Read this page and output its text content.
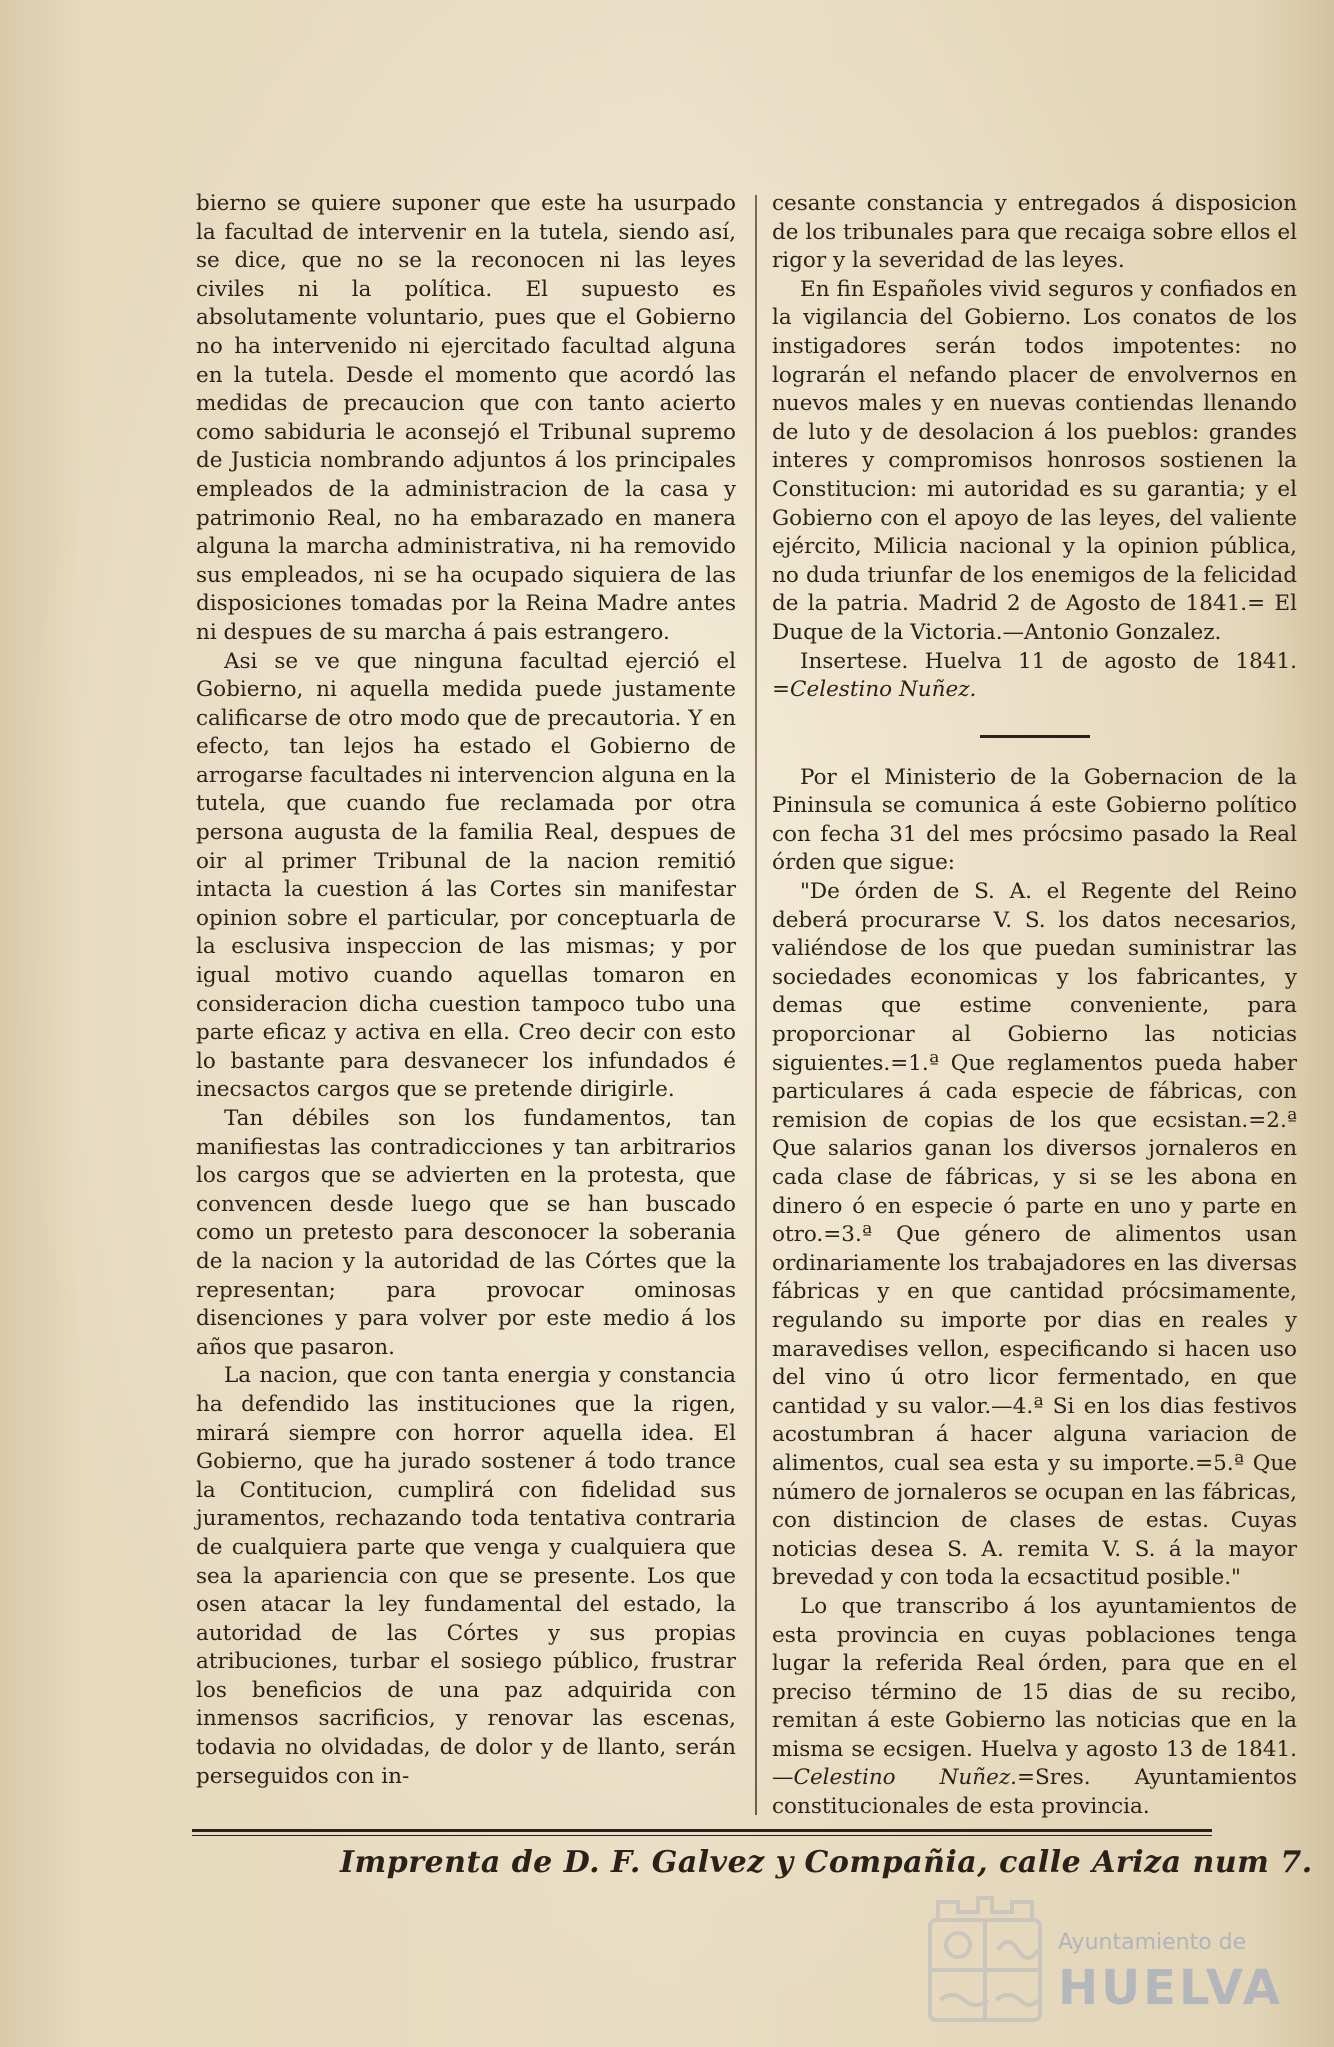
bierno se quiere suponer que este ha usurpado la facultad de intervenir en la tutela, siendo así, se dice, que no se la reconocen ni las leyes civiles ni la política. El supuesto es absolutamente voluntario, pues que el Gobierno no ha intervenido ni ejercitado facultad alguna en la tutela. Desde el momento que acordó las medidas de precaucion que con tanto acierto como sabiduria le aconsejó el Tribunal supremo de Justicia nombrando adjuntos á los principales empleados de la administracion de la casa y patrimonio Real, no ha embarazado en manera alguna la marcha administrativa, ni ha removido sus empleados, ni se ha ocupado siquiera de las disposiciones tomadas por la Reina Madre antes ni despues de su marcha á pais estrangero.

Asi se ve que ninguna facultad ejerció el Gobierno, ni aquella medida puede justamente calificarse de otro modo que de precautoria. Y en efecto, tan lejos ha estado el Gobierno de arrogarse facultades ni intervencion alguna en la tutela, que cuando fue reclamada por otra persona augusta de la familia Real, despues de oir al primer Tribunal de la nacion remitió intacta la cuestion á las Cortes sin manifestar opinion sobre el particular, por conceptuarla de la esclusiva inspeccion de las mismas; y por igual motivo cuando aquellas tomaron en consideracion dicha cuestion tampoco tubo una parte eficaz y activa en ella. Creo decir con esto lo bastante para desvanecer los infundados é inecsactos cargos que se pretende dirigirle.

Tan débiles son los fundamentos, tan manifiestas las contradicciones y tan arbitrarios los cargos que se advierten en la protesta, que convencen desde luego que se han buscado como un pretesto para desconocer la soberania de la nacion y la autoridad de las Córtes que la representan; para provocar ominosas disenciones y para volver por este medio á los años que pasaron.

La nacion, que con tanta energia y constancia ha defendido las instituciones que la rigen, mirará siempre con horror aquella idea. El Gobierno, que ha jurado sostener á todo trance la Contitucion, cumplirá con fidelidad sus juramentos, rechazando toda tentativa contraria de cualquiera parte que venga y cualquiera que sea la apariencia con que se presente. Los que osen atacar la ley fundamental del estado, la autoridad de las Córtes y sus propias atribuciones, turbar el sosiego público, frustrar los beneficios de una paz adquirida con inmensos sacrificios, y renovar las escenas, todavia no olvidadas, de dolor y de llanto, serán perseguidos con in-

cesante constancia y entregados á disposicion de los tribunales para que recaiga sobre ellos el rigor y la severidad de las leyes.

En fin Españoles vivid seguros y confiados en la vigilancia del Gobierno. Los conatos de los instigadores serán todos impotentes: no lograrán el nefando placer de envolvernos en nuevos males y en nuevas contiendas llenando de luto y de desolacion á los pueblos: grandes interes y compromisos honrosos sostienen la Constitucion: mi autoridad es su garantia; y el Gobierno con el apoyo de las leyes, del valiente ejército, Milicia nacional y la opinion pública, no duda triunfar de los enemigos de la felicidad de la patria. Madrid 2 de Agosto de 1841.= El Duque de la Victoria.—Antonio Gonzalez.

Insertese. Huelva 11 de agosto de 1841. =Celestino Nuñez.

Por el Ministerio de la Gobernacion de la Pininsula se comunica á este Gobierno político con fecha 31 del mes prócsimo pasado la Real órden que sigue:

"De órden de S. A. el Regente del Reino deberá procurarse V. S. los datos necesarios, valiéndose de los que puedan suministrar las sociedades economicas y los fabricantes, y demas que estime conveniente, para proporcionar al Gobierno las noticias siguientes.=1.ª Que reglamentos pueda haber particulares á cada especie de fábricas, con remision de copias de los que ecsistan.=2.ª Que salarios ganan los diversos jornaleros en cada clase de fábricas, y si se les abona en dinero ó en especie ó parte en uno y parte en otro.=3.ª Que género de alimentos usan ordinariamente los trabajadores en las diversas fábricas y en que cantidad prócsimamente, regulando su importe por dias en reales y maravedises vellon, especificando si hacen uso del vino ú otro licor fermentado, en que cantidad y su valor.—4.ª Si en los dias festivos acostumbran á hacer alguna variacion de alimentos, cual sea esta y su importe.=5.ª Que número de jornaleros se ocupan en las fábricas, con distincion de clases de estas. Cuyas noticias desea S. A. remita V. S. á la mayor brevedad y con toda la ecsactitud posible."

Lo que transcribo á los ayuntamientos de esta provincia en cuyas poblaciones tenga lugar la referida Real órden, para que en el preciso término de 15 dias de su recibo, remitan á este Gobierno las noticias que en la misma se ecsigen. Huelva y agosto 13 de 1841.—Celestino Nuñez.=Sres. Ayuntamientos constitucionales de esta provincia.

Imprenta de D. F. Galvez y Compañia, calle Ariza num 7.
Ayuntamiento de
HUELVA
